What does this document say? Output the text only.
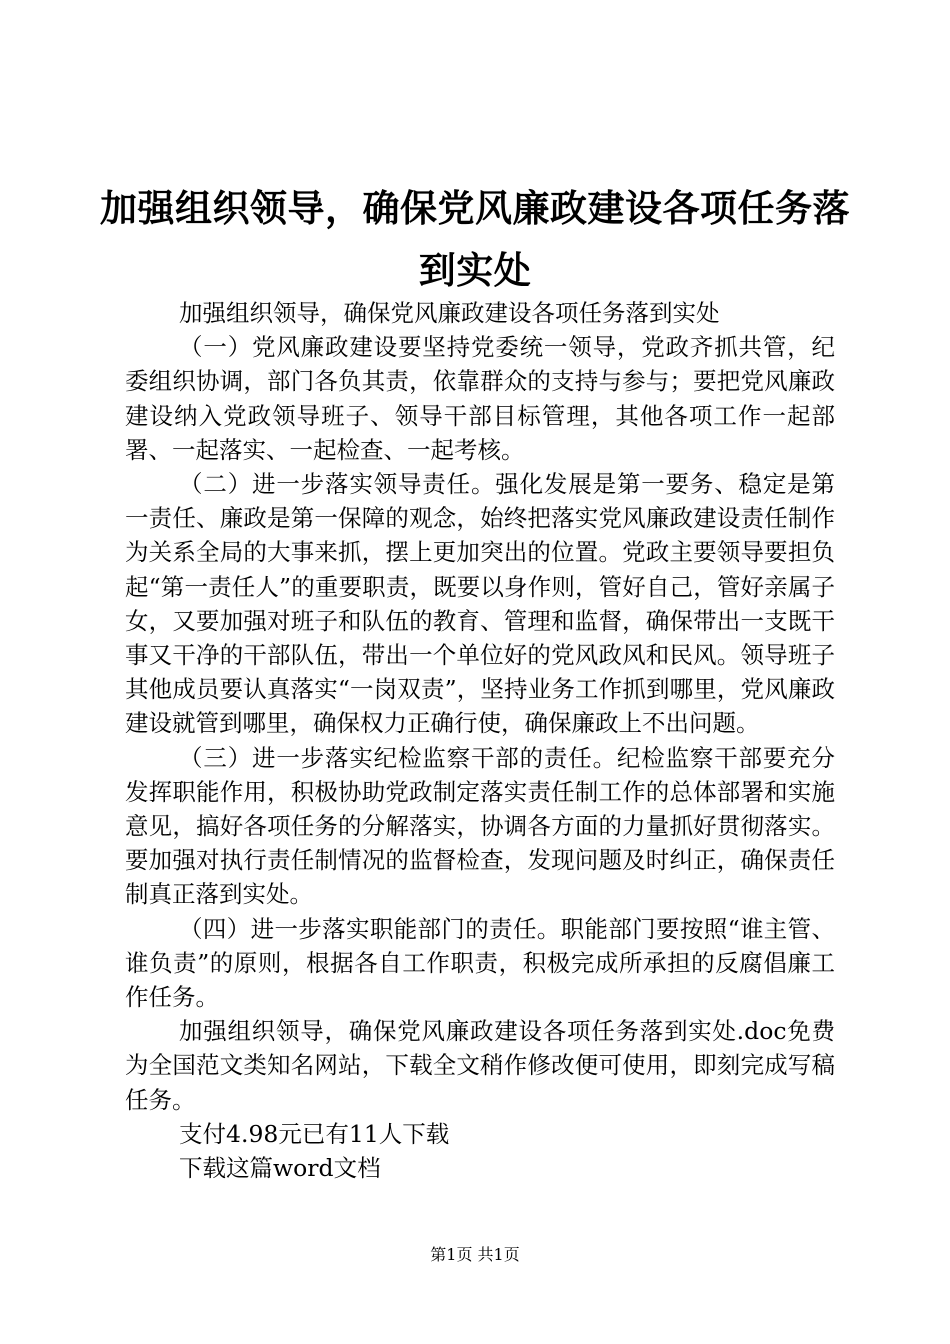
加强组织领导，确保党风廉政建设各项任务落到实处

加强组织领导，确保党风廉政建设各项任务落到实处

（一）党风廉政建设要坚持党委统一领导，党政齐抓共管，纪委组织协调，部门各负其责，依靠群众的支持与参与；要把党风廉政建设纳入党政领导班子、领导干部目标管理，其他各项工作一起部署、一起落实、一起检查、一起考核。

（二）进一步落实领导责任。强化发展是第一要务、稳定是第一责任、廉政是第一保障的观念，始终把落实党风廉政建设责任制作为关系全局的大事来抓，摆上更加突出的位置。党政主要领导要担负起“第一责任人”的重要职责，既要以身作则，管好自己，管好亲属子女，又要加强对班子和队伍的教育、管理和监督，确保带出一支既干事又干净的干部队伍，带出一个单位好的党风政风和民风。领导班子其他成员要认真落实“一岗双责”，坚持业务工作抓到哪里，党风廉政建设就管到哪里，确保权力正确行使，确保廉政上不出问题。

（三）进一步落实纪检监察干部的责任。纪检监察干部要充分发挥职能作用，积极协助党政制定落实责任制工作的总体部署和实施意见，搞好各项任务的分解落实，协调各方面的力量抓好贯彻落实。要加强对执行责任制情况的监督检查，发现问题及时纠正，确保责任制真正落到实处。

（四）进一步落实职能部门的责任。职能部门要按照“谁主管、谁负责”的原则，根据各自工作职责，积极完成所承担的反腐倡廉工作任务。

加强组织领导，确保党风廉政建设各项任务落到实处.doc免费为全国范文类知名网站，下载全文稍作修改便可使用，即刻完成写稿任务。

支付4.98元已有11人下载

下载这篇word文档

第1页 共1页
